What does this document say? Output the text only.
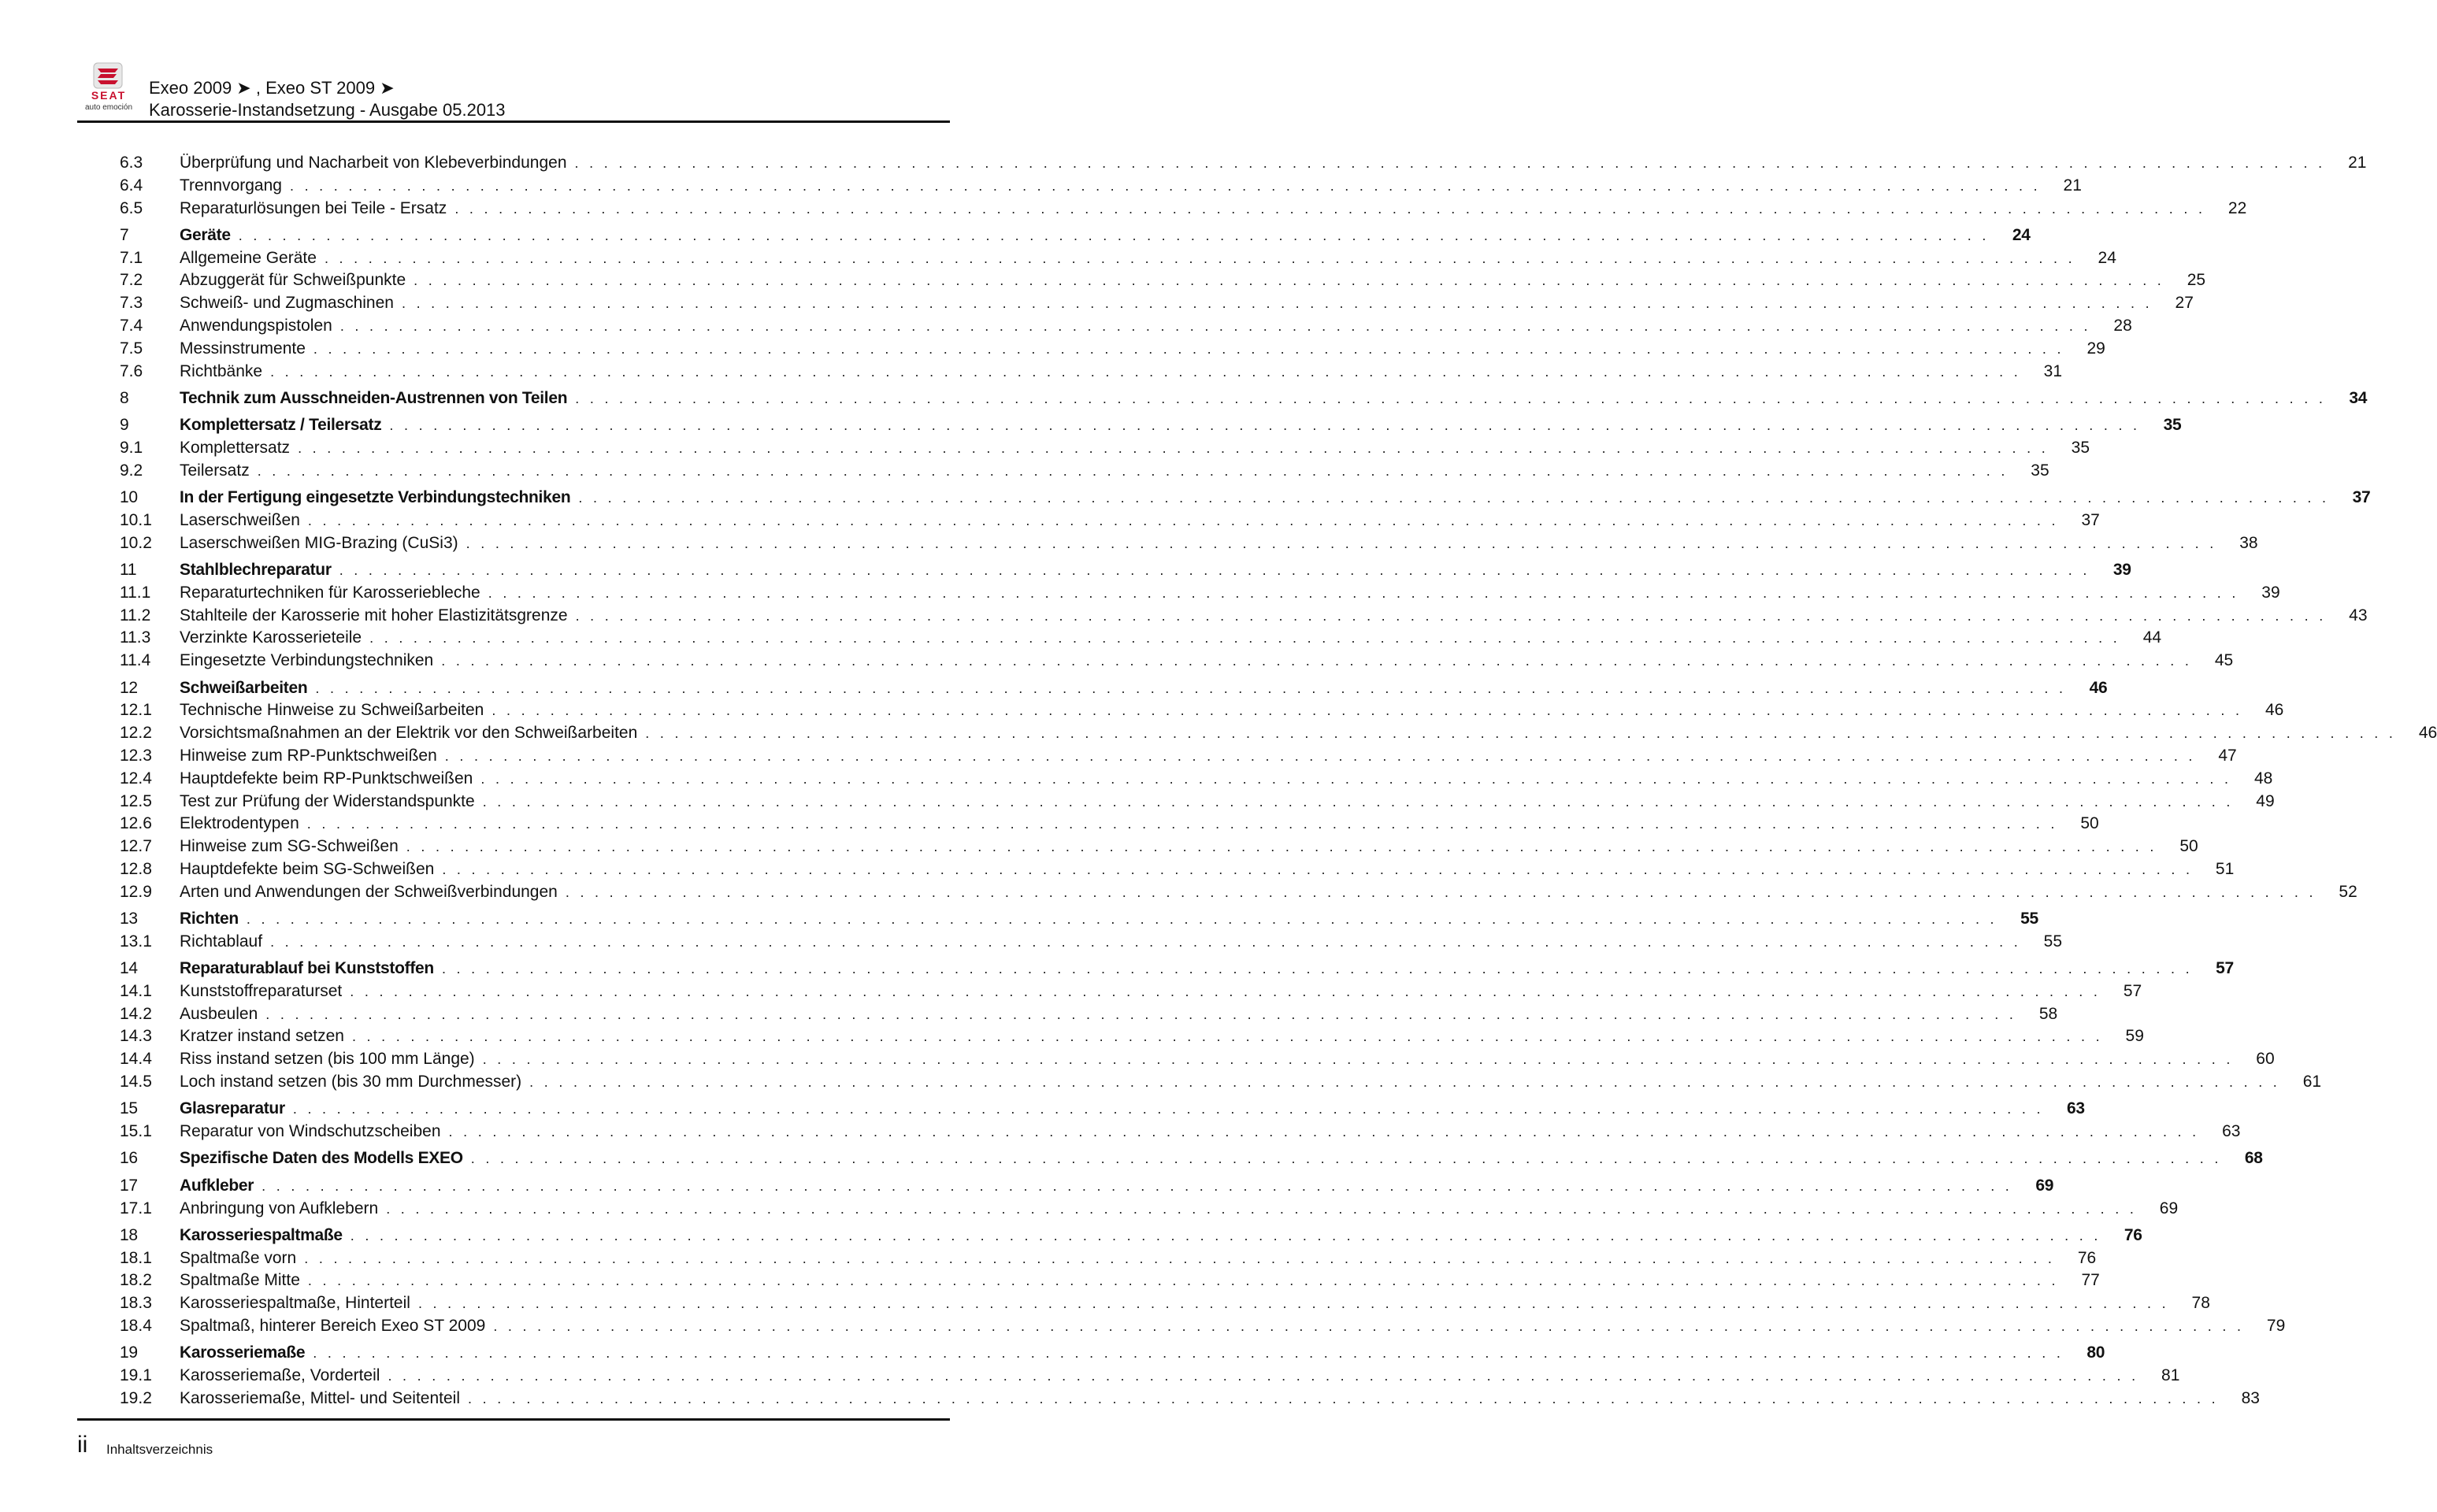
SEAT
auto emoción
Exeo 2009 ➤ , Exeo ST 2009 ➤
Karosserie-Instandsetzung - Ausgabe 05.2013
6.3	Überprüfung und Nacharbeit von Klebeverbindungen . . . . . . . . . . . . . . . . . . . . . . . . . . . . . . . . . . . . . . . . . . . . . . . . . . . . . . . . . . . . . . . . . . . . . . . . . . . . . . . . . . . . . . . . . . . . . . . . . . . . . . . . . . . . . . . . . . . . . . . .	21
6.4	Trennvorgang . . . . . . . . . . . . . . . . . . . . . . . . . . . . . . . . . . . . . . . . . . . . . . . . . . . . . . . . . . . . . . . . . . . . . . . . . . . . . . . . . . . . . . . . . . . . . . . . . . . . . . . . . . . . . . . . . . . . . . . .	21
6.5	Reparaturlösungen bei Teile - Ersatz . . . . . . . . . . . . . . . . . . . . . . . . . . . . . . . . . . . . . . . . . . . . . . . . . . . . . . . . . . . . . . . . . . . . . . . . . . . . . . . . . . . . . . . . . . . . . . . . . . . . . . . . . . . . . . . . . . . . . . . .	22
7	Geräte . . . . . . . . . . . . . . . . . . . . . . . . . . . . . . . . . . . . . . . . . . . . . . . . . . . . . . . . . . . . . . . . . . . . . . . . . . . . . . . . . . . . . . . . . . . . . . . . . . . . . . . . . . . . . . . . . . . . . . . .	24
7.1	Allgemeine Geräte . . . . . . . . . . . . . . . . . . . . . . . . . . . . . . . . . . . . . . . . . . . . . . . . . . . . . . . . . . . . . . . . . . . . . . . . . . . . . . . . . . . . . . . . . . . . . . . . . . . . . . . . . . . . . . . . . . . . . . . .	24
7.2	Abzuggerät für Schweißpunkte . . . . . . . . . . . . . . . . . . . . . . . . . . . . . . . . . . . . . . . . . . . . . . . . . . . . . . . . . . . . . . . . . . . . . . . . . . . . . . . . . . . . . . . . . . . . . . . . . . . . . . . . . . . . . . . . . . . . . . . .	25
7.3	Schweiß- und Zugmaschinen . . . . . . . . . . . . . . . . . . . . . . . . . . . . . . . . . . . . . . . . . . . . . . . . . . . . . . . . . . . . . . . . . . . . . . . . . . . . . . . . . . . . . . . . . . . . . . . . . . . . . . . . . . . . . . . . . . . . . . . .	27
7.4	Anwendungspistolen . . . . . . . . . . . . . . . . . . . . . . . . . . . . . . . . . . . . . . . . . . . . . . . . . . . . . . . . . . . . . . . . . . . . . . . . . . . . . . . . . . . . . . . . . . . . . . . . . . . . . . . . . . . . . . . . . . . . . . . .	28
7.5	Messinstrumente . . . . . . . . . . . . . . . . . . . . . . . . . . . . . . . . . . . . . . . . . . . . . . . . . . . . . . . . . . . . . . . . . . . . . . . . . . . . . . . . . . . . . . . . . . . . . . . . . . . . . . . . . . . . . . . . . . . . . . . .	29
7.6	Richtbänke . . . . . . . . . . . . . . . . . . . . . . . . . . . . . . . . . . . . . . . . . . . . . . . . . . . . . . . . . . . . . . . . . . . . . . . . . . . . . . . . . . . . . . . . . . . . . . . . . . . . . . . . . . . . . . . . . . . . . . . .	31
8	Technik zum Ausschneiden-Austrennen von Teilen . . . . . . . . . . . . . . . . . . . . . . . . . . . . . . . . . . . . . . . . . . . . . . . . . . . . . . . . . . . . . . . . . . . . . . . . . . . . . . . . . . . . . . . . . . . . . . . . . . . . . . . . . . . . . . . . . . . . . . . .	34
9	Komplettersatz / Teilersatz . . . . . . . . . . . . . . . . . . . . . . . . . . . . . . . . . . . . . . . . . . . . . . . . . . . . . . . . . . . . . . . . . . . . . . . . . . . . . . . . . . . . . . . . . . . . . . . . . . . . . . . . . . . . . . . . . . . . . . . .	35
9.1	Komplettersatz . . . . . . . . . . . . . . . . . . . . . . . . . . . . . . . . . . . . . . . . . . . . . . . . . . . . . . . . . . . . . . . . . . . . . . . . . . . . . . . . . . . . . . . . . . . . . . . . . . . . . . . . . . . . . . . . . . . . . . . .	35
9.2	Teilersatz . . . . . . . . . . . . . . . . . . . . . . . . . . . . . . . . . . . . . . . . . . . . . . . . . . . . . . . . . . . . . . . . . . . . . . . . . . . . . . . . . . . . . . . . . . . . . . . . . . . . . . . . . . . . . . . . . . . . . . . .	35
10	In der Fertigung eingesetzte Verbindungstechniken . . . . . . . . . . . . . . . . . . . . . . . . . . . . . . . . . . . . . . . . . . . . . . . . . . . . . . . . . . . . . . . . . . . . . . . . . . . . . . . . . . . . . . . . . . . . . . . . . . . . . . . . . . . . . . . . . . . . . . . .	37
10.1	Laserschweißen . . . . . . . . . . . . . . . . . . . . . . . . . . . . . . . . . . . . . . . . . . . . . . . . . . . . . . . . . . . . . . . . . . . . . . . . . . . . . . . . . . . . . . . . . . . . . . . . . . . . . . . . . . . . . . . . . . . . . . . .	37
10.2	Laserschweißen MIG-Brazing (CuSi3) . . . . . . . . . . . . . . . . . . . . . . . . . . . . . . . . . . . . . . . . . . . . . . . . . . . . . . . . . . . . . . . . . . . . . . . . . . . . . . . . . . . . . . . . . . . . . . . . . . . . . . . . . . . . . . . . . . . . . . . .	38
11	Stahlblechreparatur . . . . . . . . . . . . . . . . . . . . . . . . . . . . . . . . . . . . . . . . . . . . . . . . . . . . . . . . . . . . . . . . . . . . . . . . . . . . . . . . . . . . . . . . . . . . . . . . . . . . . . . . . . . . . . . . . . . . . . . .	39
11.1	Reparaturtechniken für Karosseriebleche . . . . . . . . . . . . . . . . . . . . . . . . . . . . . . . . . . . . . . . . . . . . . . . . . . . . . . . . . . . . . . . . . . . . . . . . . . . . . . . . . . . . . . . . . . . . . . . . . . . . . . . . . . . . . . . . . . . . . . . .	39
11.2	Stahlteile der Karosserie mit hoher Elastizitätsgrenze . . . . . . . . . . . . . . . . . . . . . . . . . . . . . . . . . . . . . . . . . . . . . . . . . . . . . . . . . . . . . . . . . . . . . . . . . . . . . . . . . . . . . . . . . . . . . . . . . . . . . . . . . . . . . . . . . . . . . . . .	43
11.3	Verzinkte Karosserieteile . . . . . . . . . . . . . . . . . . . . . . . . . . . . . . . . . . . . . . . . . . . . . . . . . . . . . . . . . . . . . . . . . . . . . . . . . . . . . . . . . . . . . . . . . . . . . . . . . . . . . . . . . . . . . . . . . . . . . . . .	44
11.4	Eingesetzte Verbindungstechniken . . . . . . . . . . . . . . . . . . . . . . . . . . . . . . . . . . . . . . . . . . . . . . . . . . . . . . . . . . . . . . . . . . . . . . . . . . . . . . . . . . . . . . . . . . . . . . . . . . . . . . . . . . . . . . . . . . . . . . . .	45
12	Schweißarbeiten . . . . . . . . . . . . . . . . . . . . . . . . . . . . . . . . . . . . . . . . . . . . . . . . . . . . . . . . . . . . . . . . . . . . . . . . . . . . . . . . . . . . . . . . . . . . . . . . . . . . . . . . . . . . . . . . . . . . . . . .	46
12.1	Technische Hinweise zu Schweißarbeiten . . . . . . . . . . . . . . . . . . . . . . . . . . . . . . . . . . . . . . . . . . . . . . . . . . . . . . . . . . . . . . . . . . . . . . . . . . . . . . . . . . . . . . . . . . . . . . . . . . . . . . . . . . . . . . . . . . . . . . . .	46
12.2	Vorsichtsmaßnahmen an der Elektrik vor den Schweißarbeiten . . . . . . . . . . . . . . . . . . . . . . . . . . . . . . . . . . . . . . . . . . . . . . . . . . . . . . . . . . . . . . . . . . . . . . . . . . . . . . . . . . . . . . . . . . . . . . . . . . . . . . . . . . . . . . . . . . . . . . . .	46
12.3	Hinweise zum RP-Punktschweißen . . . . . . . . . . . . . . . . . . . . . . . . . . . . . . . . . . . . . . . . . . . . . . . . . . . . . . . . . . . . . . . . . . . . . . . . . . . . . . . . . . . . . . . . . . . . . . . . . . . . . . . . . . . . . . . . . . . . . . . .	47
12.4	Hauptdefekte beim RP-Punktschweißen . . . . . . . . . . . . . . . . . . . . . . . . . . . . . . . . . . . . . . . . . . . . . . . . . . . . . . . . . . . . . . . . . . . . . . . . . . . . . . . . . . . . . . . . . . . . . . . . . . . . . . . . . . . . . . . . . . . . . . . .	48
12.5	Test zur Prüfung der Widerstandspunkte . . . . . . . . . . . . . . . . . . . . . . . . . . . . . . . . . . . . . . . . . . . . . . . . . . . . . . . . . . . . . . . . . . . . . . . . . . . . . . . . . . . . . . . . . . . . . . . . . . . . . . . . . . . . . . . . . . . . . . . .	49
12.6	Elektrodentypen . . . . . . . . . . . . . . . . . . . . . . . . . . . . . . . . . . . . . . . . . . . . . . . . . . . . . . . . . . . . . . . . . . . . . . . . . . . . . . . . . . . . . . . . . . . . . . . . . . . . . . . . . . . . . . . . . . . . . . . .	50
12.7	Hinweise zum SG-Schweißen . . . . . . . . . . . . . . . . . . . . . . . . . . . . . . . . . . . . . . . . . . . . . . . . . . . . . . . . . . . . . . . . . . . . . . . . . . . . . . . . . . . . . . . . . . . . . . . . . . . . . . . . . . . . . . . . . . . . . . . .	50
12.8	Hauptdefekte beim SG-Schweißen . . . . . . . . . . . . . . . . . . . . . . . . . . . . . . . . . . . . . . . . . . . . . . . . . . . . . . . . . . . . . . . . . . . . . . . . . . . . . . . . . . . . . . . . . . . . . . . . . . . . . . . . . . . . . . . . . . . . . . . .	51
12.9	Arten und Anwendungen der Schweißverbindungen . . . . . . . . . . . . . . . . . . . . . . . . . . . . . . . . . . . . . . . . . . . . . . . . . . . . . . . . . . . . . . . . . . . . . . . . . . . . . . . . . . . . . . . . . . . . . . . . . . . . . . . . . . . . . . . . . . . . . . . .	52
13	Richten . . . . . . . . . . . . . . . . . . . . . . . . . . . . . . . . . . . . . . . . . . . . . . . . . . . . . . . . . . . . . . . . . . . . . . . . . . . . . . . . . . . . . . . . . . . . . . . . . . . . . . . . . . . . . . . . . . . . . . . .	55
13.1	Richtablauf . . . . . . . . . . . . . . . . . . . . . . . . . . . . . . . . . . . . . . . . . . . . . . . . . . . . . . . . . . . . . . . . . . . . . . . . . . . . . . . . . . . . . . . . . . . . . . . . . . . . . . . . . . . . . . . . . . . . . . . .	55
14	Reparaturablauf bei Kunststoffen . . . . . . . . . . . . . . . . . . . . . . . . . . . . . . . . . . . . . . . . . . . . . . . . . . . . . . . . . . . . . . . . . . . . . . . . . . . . . . . . . . . . . . . . . . . . . . . . . . . . . . . . . . . . . . . . . . . . . . . .	57
14.1	Kunststoffreparaturset . . . . . . . . . . . . . . . . . . . . . . . . . . . . . . . . . . . . . . . . . . . . . . . . . . . . . . . . . . . . . . . . . . . . . . . . . . . . . . . . . . . . . . . . . . . . . . . . . . . . . . . . . . . . . . . . . . . . . . . .	57
14.2	Ausbeulen . . . . . . . . . . . . . . . . . . . . . . . . . . . . . . . . . . . . . . . . . . . . . . . . . . . . . . . . . . . . . . . . . . . . . . . . . . . . . . . . . . . . . . . . . . . . . . . . . . . . . . . . . . . . . . . . . . . . . . . .	58
14.3	Kratzer instand setzen . . . . . . . . . . . . . . . . . . . . . . . . . . . . . . . . . . . . . . . . . . . . . . . . . . . . . . . . . . . . . . . . . . . . . . . . . . . . . . . . . . . . . . . . . . . . . . . . . . . . . . . . . . . . . . . . . . . . . . . .	59
14.4	Riss instand setzen (bis 100 mm Länge) . . . . . . . . . . . . . . . . . . . . . . . . . . . . . . . . . . . . . . . . . . . . . . . . . . . . . . . . . . . . . . . . . . . . . . . . . . . . . . . . . . . . . . . . . . . . . . . . . . . . . . . . . . . . . . . . . . . . . . . .	60
14.5	Loch instand setzen (bis 30 mm Durchmesser) . . . . . . . . . . . . . . . . . . . . . . . . . . . . . . . . . . . . . . . . . . . . . . . . . . . . . . . . . . . . . . . . . . . . . . . . . . . . . . . . . . . . . . . . . . . . . . . . . . . . . . . . . . . . . . . . . . . . . . . .	61
15	Glasreparatur . . . . . . . . . . . . . . . . . . . . . . . . . . . . . . . . . . . . . . . . . . . . . . . . . . . . . . . . . . . . . . . . . . . . . . . . . . . . . . . . . . . . . . . . . . . . . . . . . . . . . . . . . . . . . . . . . . . . . . . .	63
15.1	Reparatur von Windschutzscheiben . . . . . . . . . . . . . . . . . . . . . . . . . . . . . . . . . . . . . . . . . . . . . . . . . . . . . . . . . . . . . . . . . . . . . . . . . . . . . . . . . . . . . . . . . . . . . . . . . . . . . . . . . . . . . . . . . . . . . . . .	63
16	Spezifische Daten des Modells EXEO . . . . . . . . . . . . . . . . . . . . . . . . . . . . . . . . . . . . . . . . . . . . . . . . . . . . . . . . . . . . . . . . . . . . . . . . . . . . . . . . . . . . . . . . . . . . . . . . . . . . . . . . . . . . . . . . . . . . . . . .	68
17	Aufkleber . . . . . . . . . . . . . . . . . . . . . . . . . . . . . . . . . . . . . . . . . . . . . . . . . . . . . . . . . . . . . . . . . . . . . . . . . . . . . . . . . . . . . . . . . . . . . . . . . . . . . . . . . . . . . . . . . . . . . . . .	69
17.1	Anbringung von Aufklebern . . . . . . . . . . . . . . . . . . . . . . . . . . . . . . . . . . . . . . . . . . . . . . . . . . . . . . . . . . . . . . . . . . . . . . . . . . . . . . . . . . . . . . . . . . . . . . . . . . . . . . . . . . . . . . . . . . . . . . . .	69
18	Karosseriespaltmaße . . . . . . . . . . . . . . . . . . . . . . . . . . . . . . . . . . . . . . . . . . . . . . . . . . . . . . . . . . . . . . . . . . . . . . . . . . . . . . . . . . . . . . . . . . . . . . . . . . . . . . . . . . . . . . . . . . . . . . . .	76
18.1	Spaltmaße vorn . . . . . . . . . . . . . . . . . . . . . . . . . . . . . . . . . . . . . . . . . . . . . . . . . . . . . . . . . . . . . . . . . . . . . . . . . . . . . . . . . . . . . . . . . . . . . . . . . . . . . . . . . . . . . . . . . . . . . . . .	76
18.2	Spaltmaße Mitte . . . . . . . . . . . . . . . . . . . . . . . . . . . . . . . . . . . . . . . . . . . . . . . . . . . . . . . . . . . . . . . . . . . . . . . . . . . . . . . . . . . . . . . . . . . . . . . . . . . . . . . . . . . . . . . . . . . . . . . .	77
18.3	Karosseriespaltmaße, Hinterteil . . . . . . . . . . . . . . . . . . . . . . . . . . . . . . . . . . . . . . . . . . . . . . . . . . . . . . . . . . . . . . . . . . . . . . . . . . . . . . . . . . . . . . . . . . . . . . . . . . . . . . . . . . . . . . . . . . . . . . . .	78
18.4	Spaltmaß, hinterer Bereich Exeo ST 2009 . . . . . . . . . . . . . . . . . . . . . . . . . . . . . . . . . . . . . . . . . . . . . . . . . . . . . . . . . . . . . . . . . . . . . . . . . . . . . . . . . . . . . . . . . . . . . . . . . . . . . . . . . . . . . . . . . . . . . . . .	79
19	Karosseriemaße . . . . . . . . . . . . . . . . . . . . . . . . . . . . . . . . . . . . . . . . . . . . . . . . . . . . . . . . . . . . . . . . . . . . . . . . . . . . . . . . . . . . . . . . . . . . . . . . . . . . . . . . . . . . . . . . . . . . . . . .	80
19.1	Karosseriemaße, Vorderteil . . . . . . . . . . . . . . . . . . . . . . . . . . . . . . . . . . . . . . . . . . . . . . . . . . . . . . . . . . . . . . . . . . . . . . . . . . . . . . . . . . . . . . . . . . . . . . . . . . . . . . . . . . . . . . . . . . . . . . . .	81
19.2	Karosseriemaße, Mittel- und Seitenteil . . . . . . . . . . . . . . . . . . . . . . . . . . . . . . . . . . . . . . . . . . . . . . . . . . . . . . . . . . . . . . . . . . . . . . . . . . . . . . . . . . . . . . . . . . . . . . . . . . . . . . . . . . . . . . . . . . . . . . . .	83
ii Inhaltsverzeichnis
